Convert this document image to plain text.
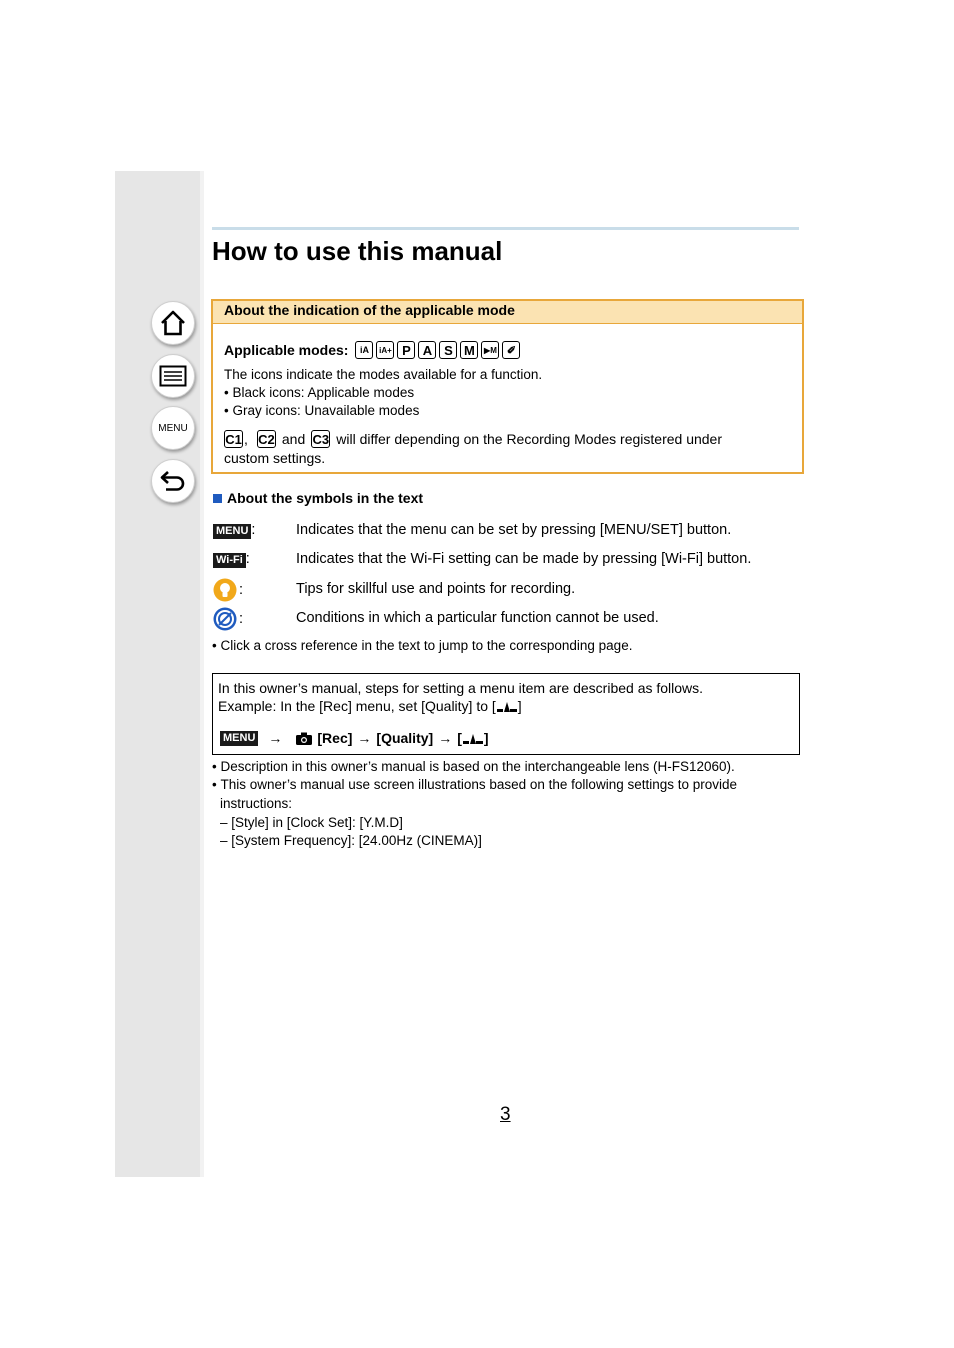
MENU
How to use this manual
About the indication of the applicable mode
Applicable modes:	iA	iA+ P A S M	▶M ✐
The icons indicate the modes available for a function.
• Black icons: Applicable modes
• Gray icons: Unavailable modes
C1 , C2 and C3 will differ depending on the Recording Modes registered under
custom settings.
About the symbols in the text
MENU :	Indicates that the menu can be set by pressing [MENU/SET] button.
Wi-Fi :	Indicates that the Wi-Fi setting can be made by pressing [Wi-Fi] button.
:	Tips for skillful use and points for recording.
:	Conditions in which a particular function cannot be used.
• Click a cross reference in the text to jump to the corresponding page.
In this owner’s manual, steps for setting a menu item are described as follows.
Example: In the [Rec] menu, set [Quality] to [ ]
MENU →	[Rec] → [Quality] → [ ]
• Description in this owner’s manual is based on the interchangeable lens (H-FS12060).
• This owner’s manual use screen illustrations based on the following settings to provide
instructions:
– [Style] in [Clock Set]: [Y.M.D]
– [System Frequency]: [24.00Hz (CINEMA)]
3
